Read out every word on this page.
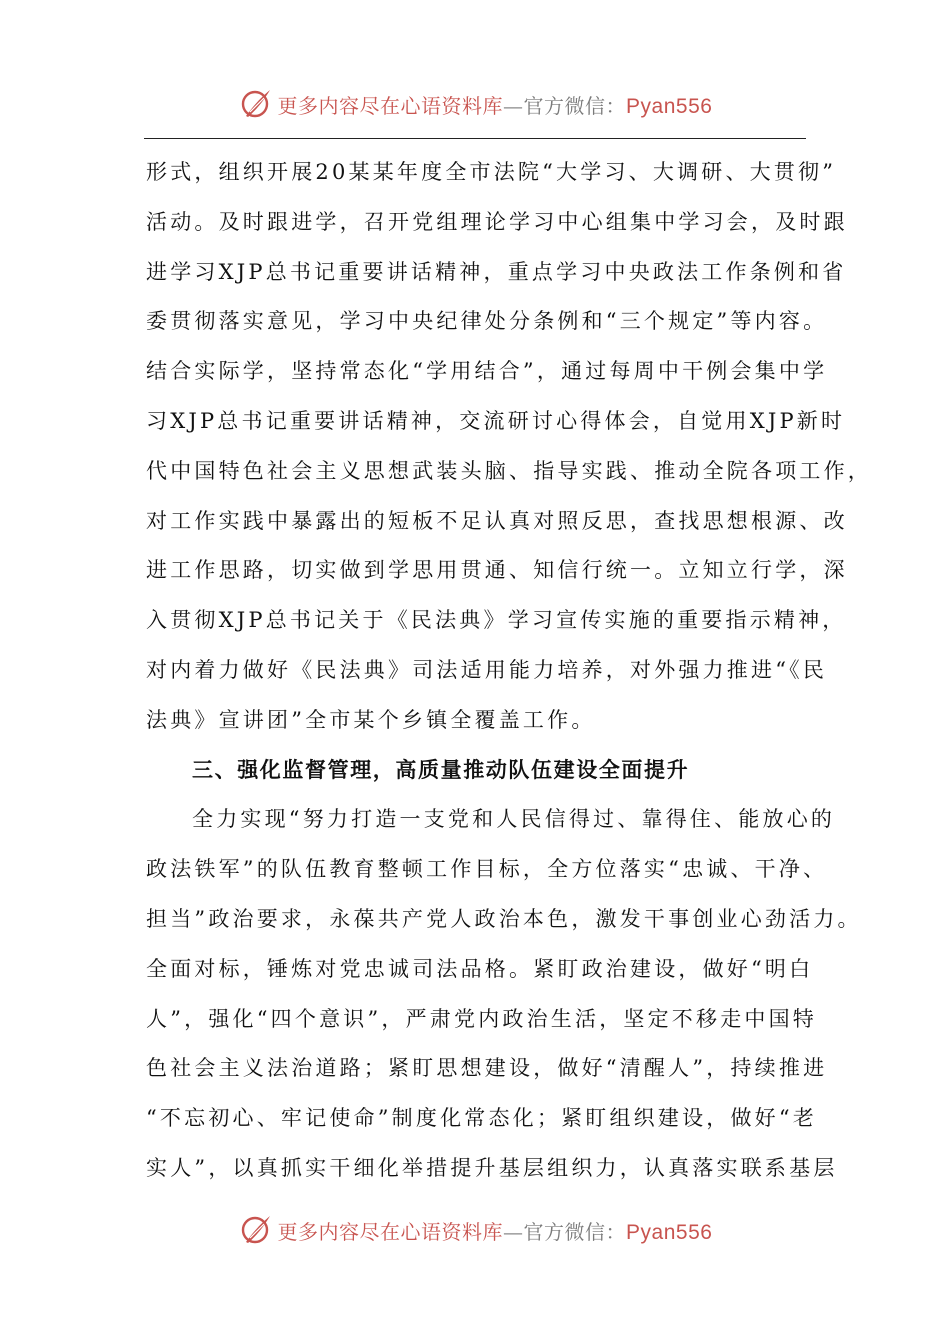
更多内容尽在心语资料库—官方微信：Pyan556
形式，组织开展20某某年度全市法院“大学习、大调研、大贯彻”
活动。及时跟进学，召开党组理论学习中心组集中学习会，及时跟
进学习XJP总书记重要讲话精神，重点学习中央政法工作条例和省
委贯彻落实意见，学习中央纪律处分条例和“三个规定”等内容。
结合实际学，坚持常态化“学用结合”，通过每周中干例会集中学
习XJP总书记重要讲话精神，交流研讨心得体会，自觉用XJP新时
代中国特色社会主义思想武装头脑、指导实践、推动全院各项工作，
对工作实践中暴露出的短板不足认真对照反思，查找思想根源、改
进工作思路，切实做到学思用贯通、知信行统一。立知立行学，深
入贯彻XJP总书记关于《民法典》学习宣传实施的重要指示精神，
对内着力做好《民法典》司法适用能力培养，对外强力推进“《民
法典》宣讲团”全市某个乡镇全覆盖工作。
三、强化监督管理，高质量推动队伍建设全面提升
全力实现“努力打造一支党和人民信得过、靠得住、能放心的
政法铁军”的队伍教育整顿工作目标，全方位落实“忠诚、干净、
担当”政治要求，永葆共产党人政治本色，激发干事创业心劲活力。
全面对标，锤炼对党忠诚司法品格。紧盯政治建设，做好“明白
人”，强化“四个意识”，严肃党内政治生活，坚定不移走中国特
色社会主义法治道路；紧盯思想建设，做好“清醒人”，持续推进
“不忘初心、牢记使命”制度化常态化；紧盯组织建设，做好“老
实人”，以真抓实干细化举措提升基层组织力，认真落实联系基层
更多内容尽在心语资料库—官方微信：Pyan556
